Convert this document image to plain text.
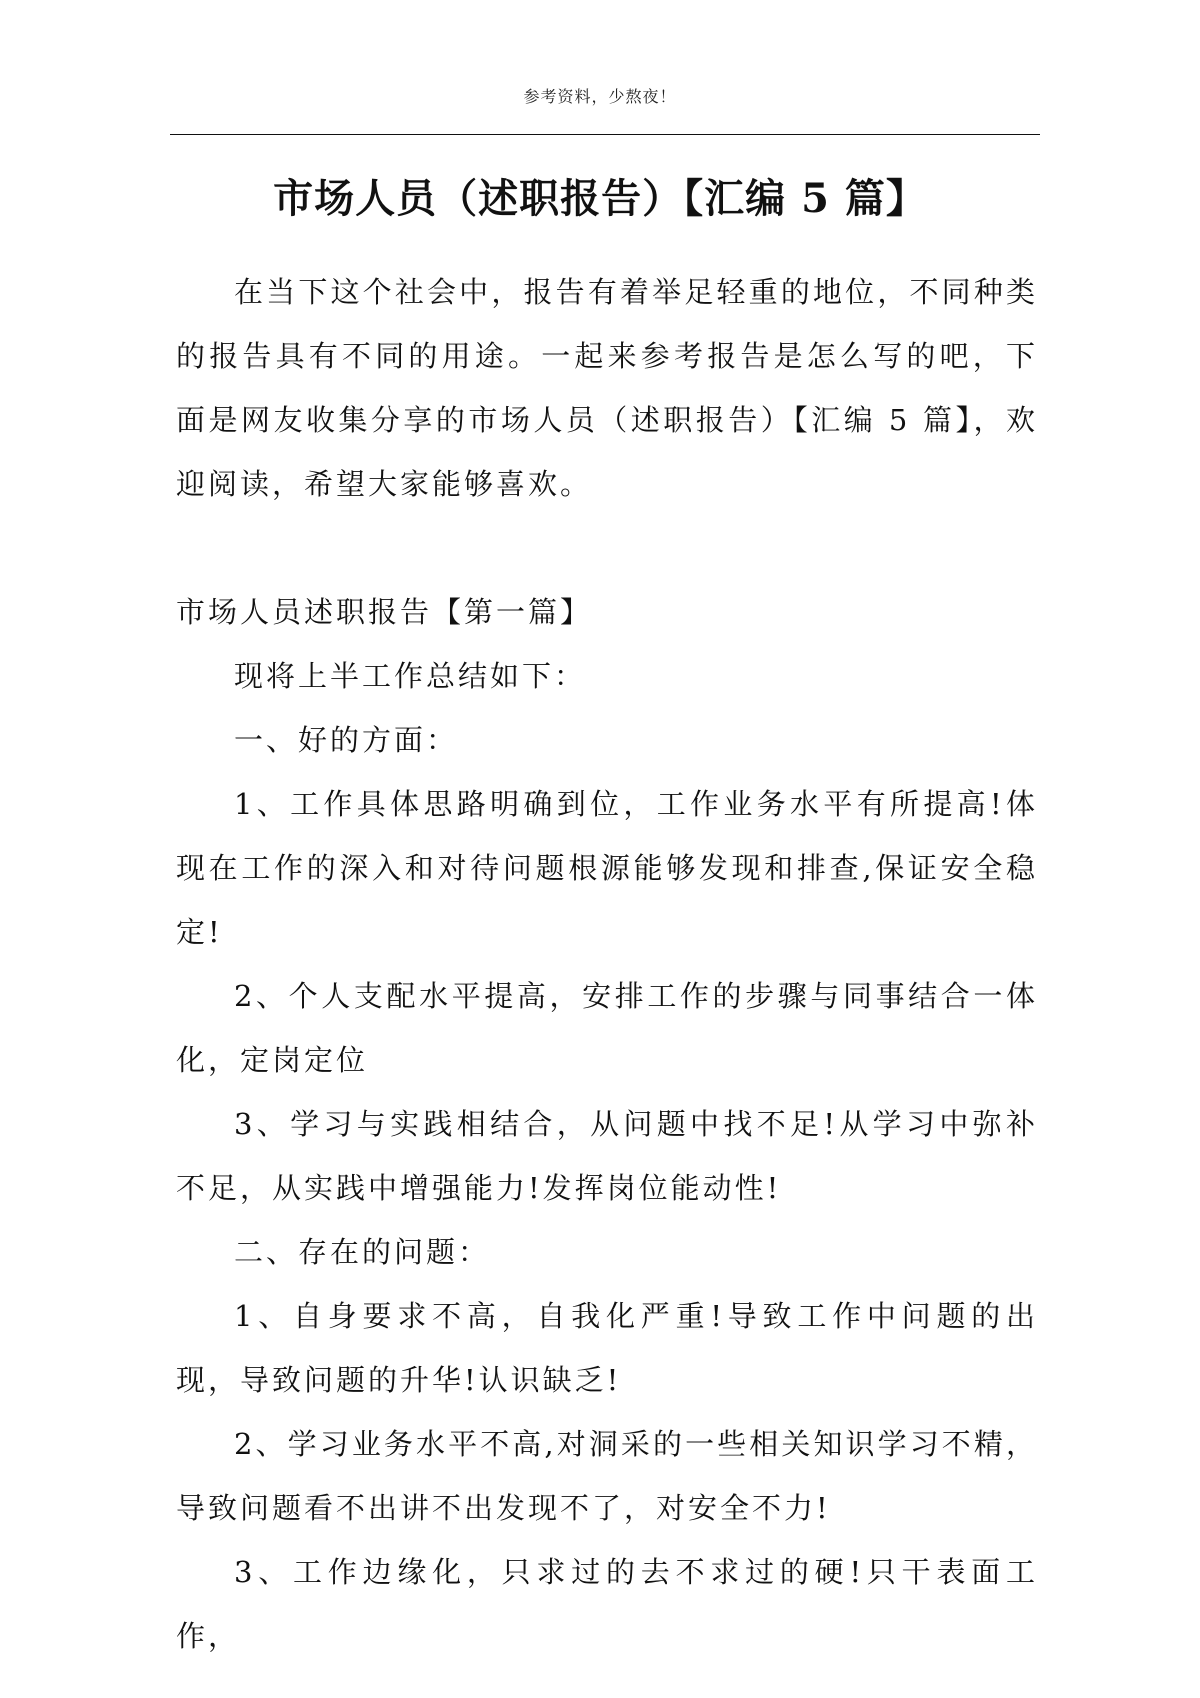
参考资料，少熬夜！
市场人员（述职报告）【汇编 5 篇】

在当下这个社会中，报告有着举足轻重的地位，不同种类的报告具有不同的用途。一起来参考报告是怎么写的吧，下面是网友收集分享的市场人员（述职报告）【汇编 5 篇】，欢迎阅读，希望大家能够喜欢。

市场人员述职报告【第一篇】

现将上半工作总结如下：

一、好的方面：

1、工作具体思路明确到位，工作业务水平有所提高!体现在工作的深入和对待问题根源能够发现和排查,保证安全稳定!

2、个人支配水平提高，安排工作的步骤与同事结合一体化，定岗定位

3、学习与实践相结合，从问题中找不足!从学习中弥补不足，从实践中增强能力!发挥岗位能动性!

二、存在的问题：

1、自身要求不高，自我化严重!导致工作中问题的出现，导致问题的升华!认识缺乏!

2、学习业务水平不高,对洞采的一些相关知识学习不精，导致问题看不出讲不出发现不了，对安全不力!

3、工作边缘化，只求过的去不求过的硬!只干表面工作，
